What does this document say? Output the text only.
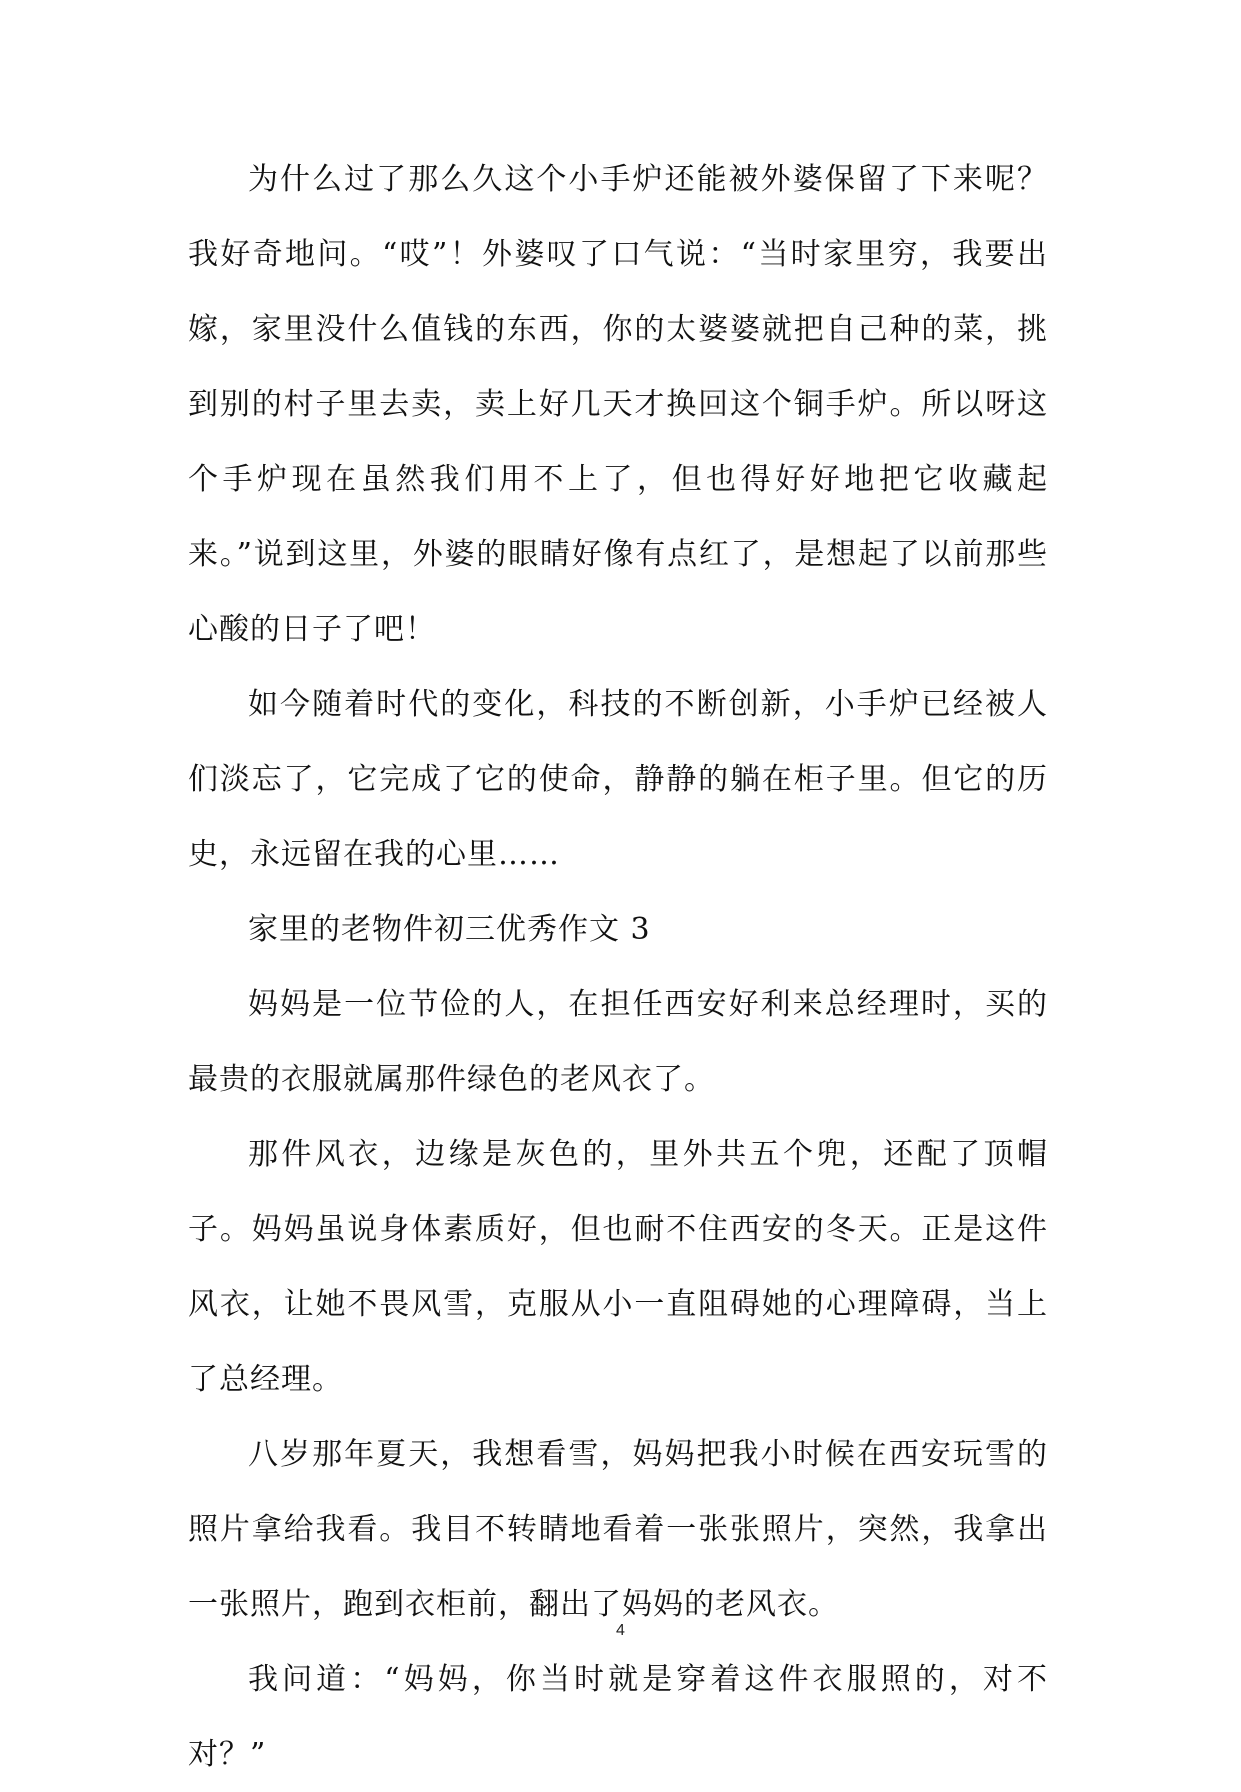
为什么过了那么久这个小手炉还能被外婆保留了下来呢？我好奇地问。“哎”！外婆叹了口气说：“当时家里穷，我要出嫁，家里没什么值钱的东西，你的太婆婆就把自己种的菜，挑到别的村子里去卖，卖上好几天才换回这个铜手炉。所以呀这个手炉现在虽然我们用不上了，但也得好好地把它收藏起来。”说到这里，外婆的眼睛好像有点红了，是想起了以前那些心酸的日子了吧！

如今随着时代的变化，科技的不断创新，小手炉已经被人们淡忘了，它完成了它的使命，静静的躺在柜子里。但它的历史，永远留在我的心里……

家里的老物件初三优秀作文 3

妈妈是一位节俭的人，在担任西安好利来总经理时，买的最贵的衣服就属那件绿色的老风衣了。

那件风衣，边缘是灰色的，里外共五个兜，还配了顶帽子。妈妈虽说身体素质好，但也耐不住西安的冬天。正是这件风衣，让她不畏风雪，克服从小一直阻碍她的心理障碍，当上了总经理。

八岁那年夏天，我想看雪，妈妈把我小时候在西安玩雪的照片拿给我看。我目不转睛地看着一张张照片，突然，我拿出一张照片，跑到衣柜前，翻出了妈妈的老风衣。

我问道：“妈妈，你当时就是穿着这件衣服照的，对不对？”

4
